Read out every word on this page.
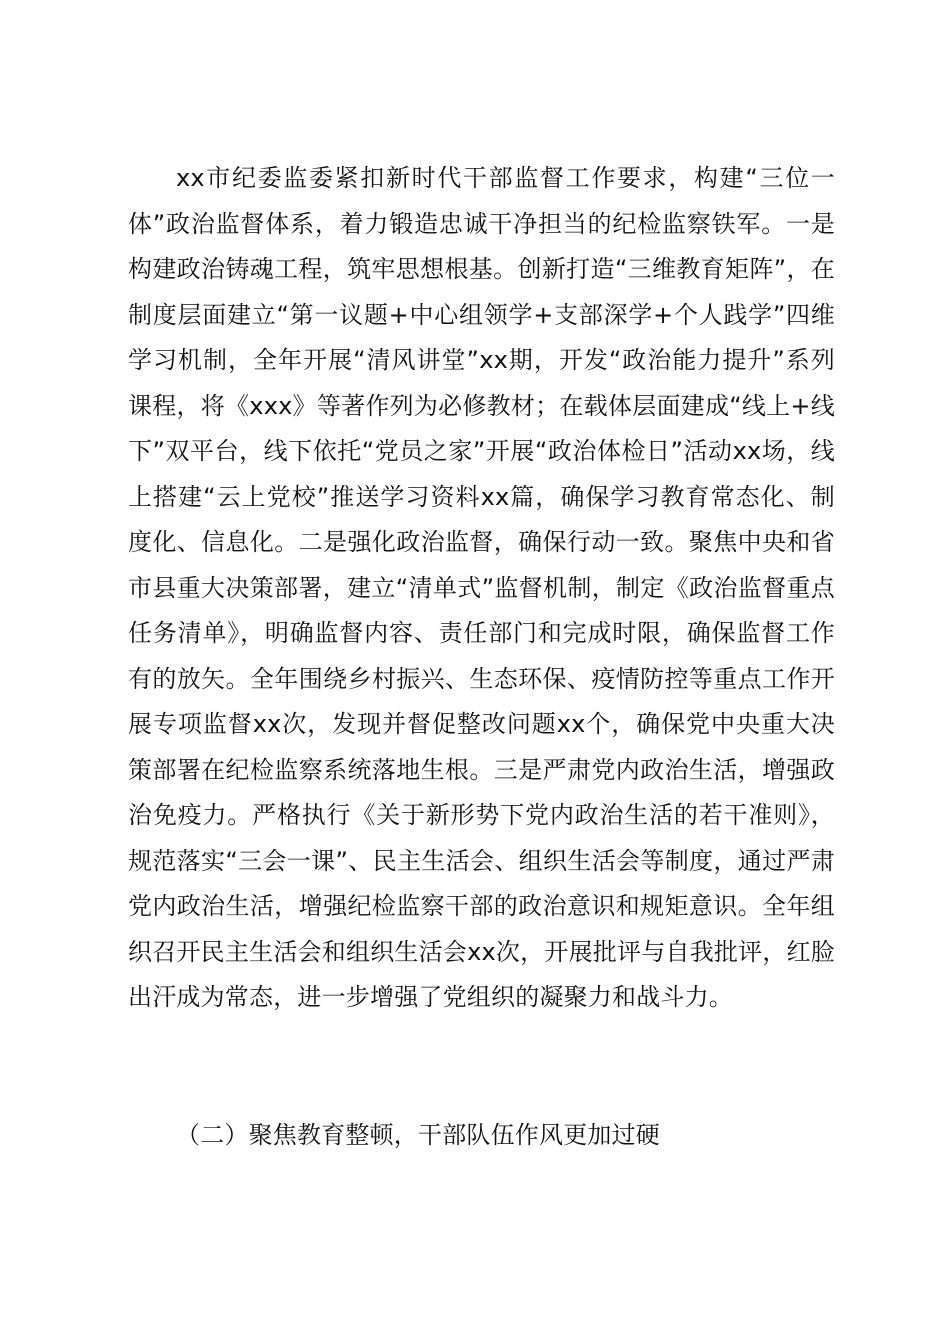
xx市纪委监委紧扣新时代干部监督工作要求，构建“三位一体”政治监督体系，着力锻造忠诚干净担当的纪检监察铁军。一是构建政治铸魂工程，筑牢思想根基。创新打造“三维教育矩阵”，在制度层面建立“第一议题+中心组领学+支部深学+个人践学”四维学习机制，全年开展“清风讲堂”xx期，开发“政治能力提升”系列课程，将《xxx》等著作列为必修教材；在载体层面建成“线上+线下”双平台，线下依托“党员之家”开展“政治体检日”活动xx场，线上搭建“云上党校”推送学习资料xx篇，确保学习教育常态化、制度化、信息化。二是强化政治监督，确保行动一致。聚焦中央和省市县重大决策部署，建立“清单式”监督机制，制定《政治监督重点任务清单》，明确监督内容、责任部门和完成时限，确保监督工作有的放矢。全年围绕乡村振兴、生态环保、疫情防控等重点工作开展专项监督xx次，发现并督促整改问题xx个，确保党中央重大决策部署在纪检监察系统落地生根。三是严肃党内政治生活，增强政治免疫力。严格执行《关于新形势下党内政治生活的若干准则》，规范落实“三会一课”、民主生活会、组织生活会等制度，通过严肃党内政治生活，增强纪检监察干部的政治意识和规矩意识。全年组织召开民主生活会和组织生活会xx次，开展批评与自我批评，红脸出汗成为常态，进一步增强了党组织的凝聚力和战斗力。

（二）聚焦教育整顿，干部队伍作风更加过硬
